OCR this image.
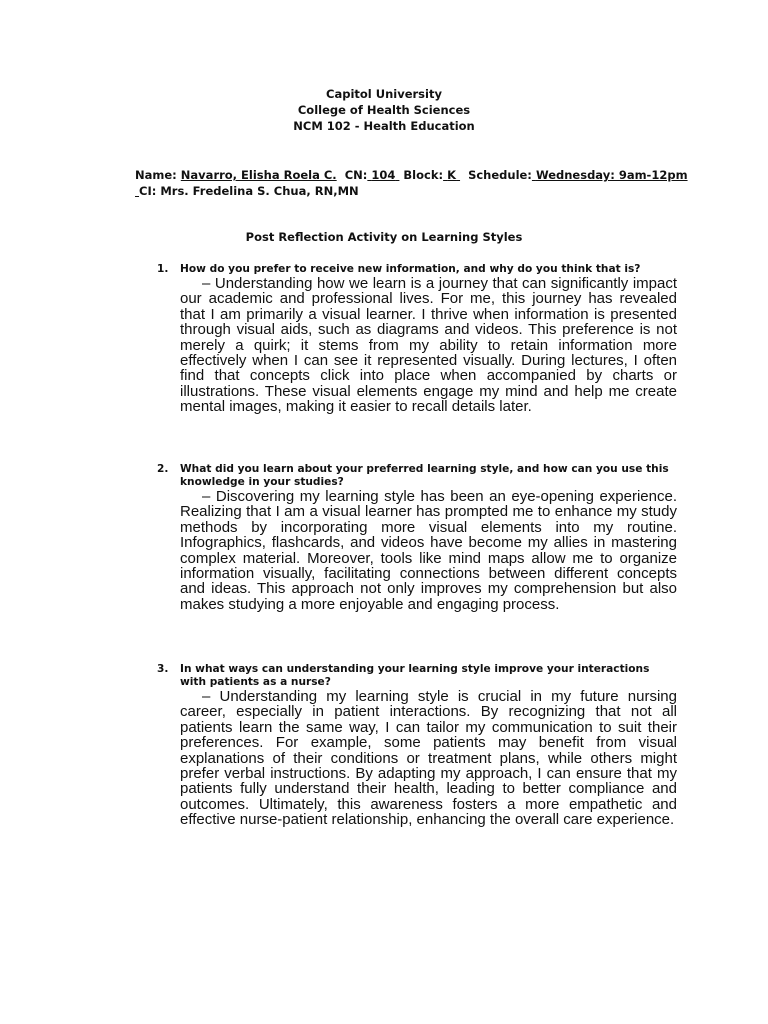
Capitol University
College of Health Sciences
NCM 102 - Health Education
Name: Navarro, Elisha Roela C. CN: 104 Block: K Schedule: Wednesday: 9am-12pm
CI: Mrs. Fredelina S. Chua, RN,MN
Post Reflection Activity on Learning Styles
1.	How do you prefer to receive new information, and why do you think that is?
– Understanding how we learn is a journey that can significantly impact our academic and professional lives. For me, this journey has revealed that I am primarily a visual learner. I thrive when information is presented through visual aids, such as diagrams and videos. This preference is not merely a quirk; it stems from my ability to retain information more effectively when I can see it represented visually. During lectures, I often find that concepts click into place when accompanied by charts or illustrations. These visual elements engage my mind and help me create mental images, making it easier to recall details later.
2.	What did you learn about your preferred learning style, and how can you use this knowledge in your studies?
– Discovering my learning style has been an eye-opening experience. Realizing that I am a visual learner has prompted me to enhance my study methods by incorporating more visual elements into my routine. Infographics, flashcards, and videos have become my allies in mastering complex material. Moreover, tools like mind maps allow me to organize information visually, facilitating connections between different concepts and ideas. This approach not only improves my comprehension but also makes studying a more enjoyable and engaging process.
3.	In what ways can understanding your learning style improve your interactions with patients as a nurse?
– Understanding my learning style is crucial in my future nursing career, especially in patient interactions. By recognizing that not all patients learn the same way, I can tailor my communication to suit their preferences. For example, some patients may benefit from visual explanations of their conditions or treatment plans, while others might prefer verbal instructions. By adapting my approach, I can ensure that my patients fully understand their health, leading to better compliance and outcomes. Ultimately, this awareness fosters a more empathetic and effective nurse-patient relationship, enhancing the overall care experience.
